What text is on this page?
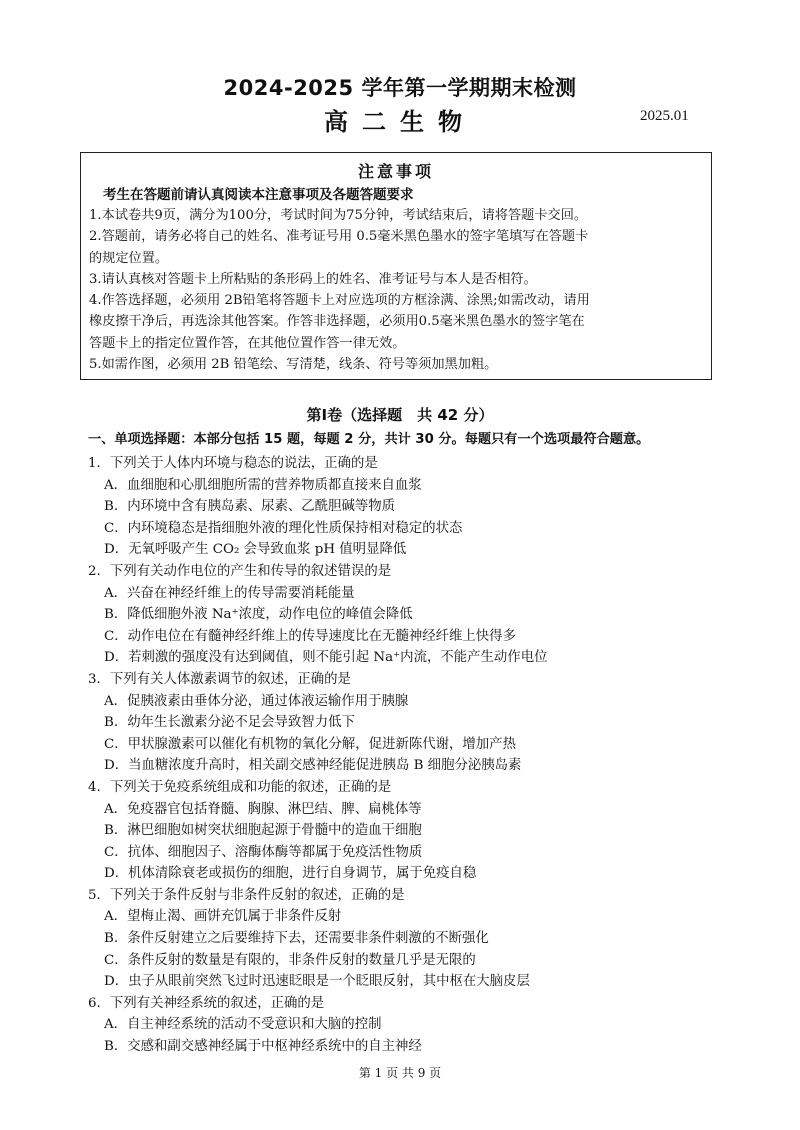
2024-2025 学年第一学期期末检测
高二生物	2025.01
注意事项
考生在答题前请认真阅读本注意事项及各题答题要求

1.本试卷共9页，满分为100分，考试时间为75分钟，考试结束后，请将答题卡交回。

2.答题前，请务必将自己的姓名、准考证号用 0.5毫米黑色墨水的签字笔填写在答题卡

的规定位置。

3.请认真核对答题卡上所粘贴的条形码上的姓名、准考证号与本人是否相符。

4.作答选择题，必须用 2B铅笔将答题卡上对应选项的方框涂满、涂黑;如需改动，请用

橡皮擦干净后，再选涂其他答案。作答非选择题，必须用0.5毫米黑色墨水的签字笔在

答题卡上的指定位置作答，在其他位置作答一律无效。

5.如需作图，必须用 2B 铅笔绘、写清楚，线条、符号等须加黑加粗。

第Ⅰ卷（选择题　共 42 分）
一、单项选择题：本部分包括 15 题，每题 2 分，共计 30 分。每题只有一个选项最符合题意。
1．下列关于人体内环境与稳态的说法，正确的是
A．血细胞和心肌细胞所需的营养物质都直接来自血浆
B．内环境中含有胰岛素、尿素、乙酰胆碱等物质
C．内环境稳态是指细胞外液的理化性质保持相对稳定的状态
D．无氧呼吸产生 CO₂ 会导致血浆 pH 值明显降低
2．下列有关动作电位的产生和传导的叙述错误的是
A．兴奋在神经纤维上的传导需要消耗能量
B．降低细胞外液 Na⁺浓度，动作电位的峰值会降低
C．动作电位在有髓神经纤维上的传导速度比在无髓神经纤维上快得多
D．若刺激的强度没有达到阈值，则不能引起 Na⁺内流，不能产生动作电位
3．下列有关人体激素调节的叙述，正确的是
A．促胰液素由垂体分泌，通过体液运输作用于胰腺
B．幼年生长激素分泌不足会导致智力低下
C．甲状腺激素可以催化有机物的氧化分解，促进新陈代谢，增加产热
D．当血糖浓度升高时，相关副交感神经能促进胰岛 B 细胞分泌胰岛素
4．下列关于免疫系统组成和功能的叙述，正确的是
A．免疫器官包括脊髓、胸腺、淋巴结、脾、扁桃体等
B．淋巴细胞如树突状细胞起源于骨髓中的造血干细胞
C．抗体、细胞因子、溶酶体酶等都属于免疫活性物质
D．机体清除衰老或损伤的细胞，进行自身调节，属于免疫自稳
5．下列关于条件反射与非条件反射的叙述，正确的是
A．望梅止渴、画饼充饥属于非条件反射
B．条件反射建立之后要维持下去，还需要非条件刺激的不断强化
C．条件反射的数量是有限的，非条件反射的数量几乎是无限的
D．虫子从眼前突然飞过时迅速眨眼是一个眨眼反射，其中枢在大脑皮层
6．下列有关神经系统的叙述，正确的是
A．自主神经系统的活动不受意识和大脑的控制
B．交感和副交感神经属于中枢神经系统中的自主神经
第 1 页 共 9 页
